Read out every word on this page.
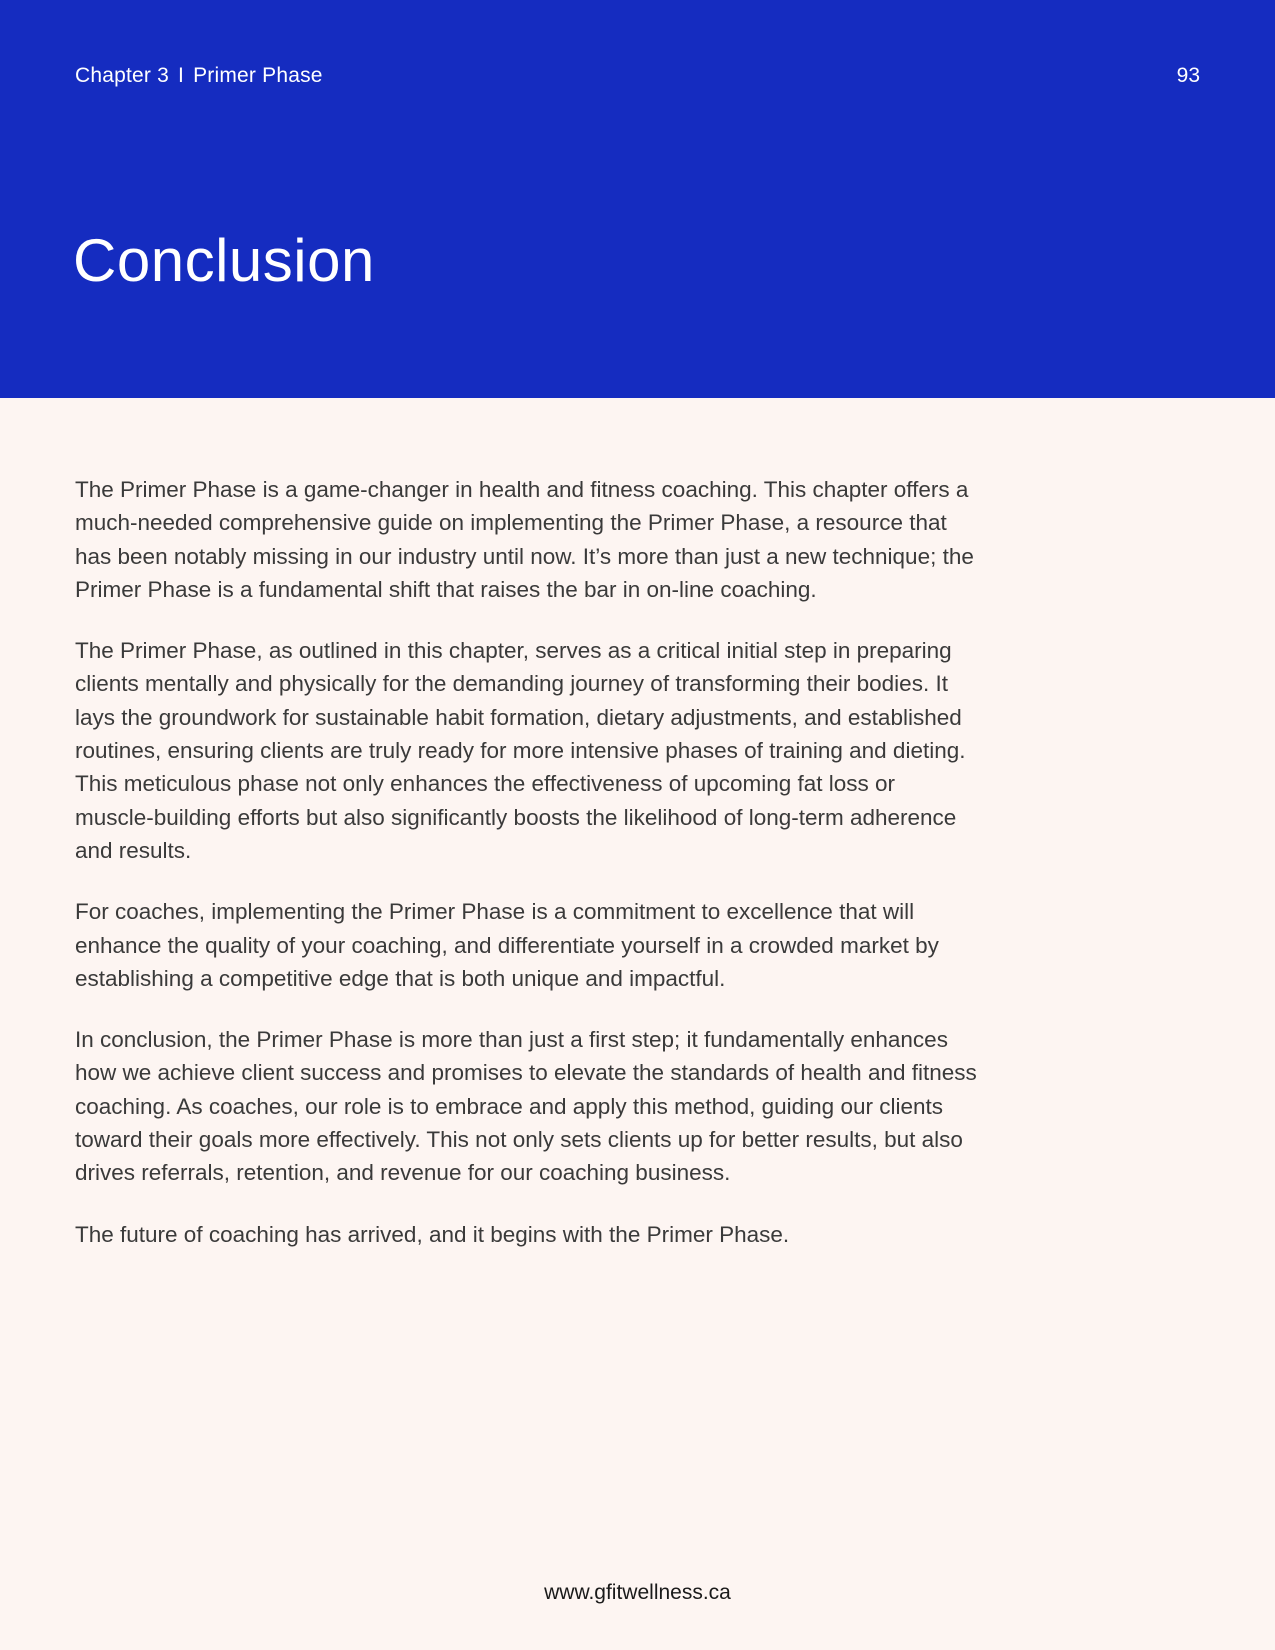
Chapter 3 I Primer Phase	93
Conclusion

The Primer Phase is a game-changer in health and fitness coaching. This chapter offers a much-needed comprehensive guide on implementing the Primer Phase, a resource that has been notably missing in our industry until now. It’s more than just a new technique; the Primer Phase is a fundamental shift that raises the bar in on-line coaching.

The Primer Phase, as outlined in this chapter, serves as a critical initial step in preparing clients mentally and physically for the demanding journey of transforming their bodies. It lays the groundwork for sustainable habit formation, dietary adjustments, and established routines, ensuring clients are truly ready for more intensive phases of training and dieting. This meticulous phase not only enhances the effectiveness of upcoming fat loss or muscle-building efforts but also significantly boosts the likelihood of long-term adherence and results.

For coaches, implementing the Primer Phase is a commitment to excellence that will enhance the quality of your coaching, and differentiate yourself in a crowded market by establishing a competitive edge that is both unique and impactful.

In conclusion, the Primer Phase is more than just a first step; it fundamentally enhances how we achieve client success and promises to elevate the standards of health and fitness coaching. As coaches, our role is to embrace and apply this method, guiding our clients toward their goals more effectively. This not only sets clients up for better results, but also drives referrals, retention, and revenue for our coaching business.

The future of coaching has arrived, and it begins with the Primer Phase.

www.gfitwellness.ca
